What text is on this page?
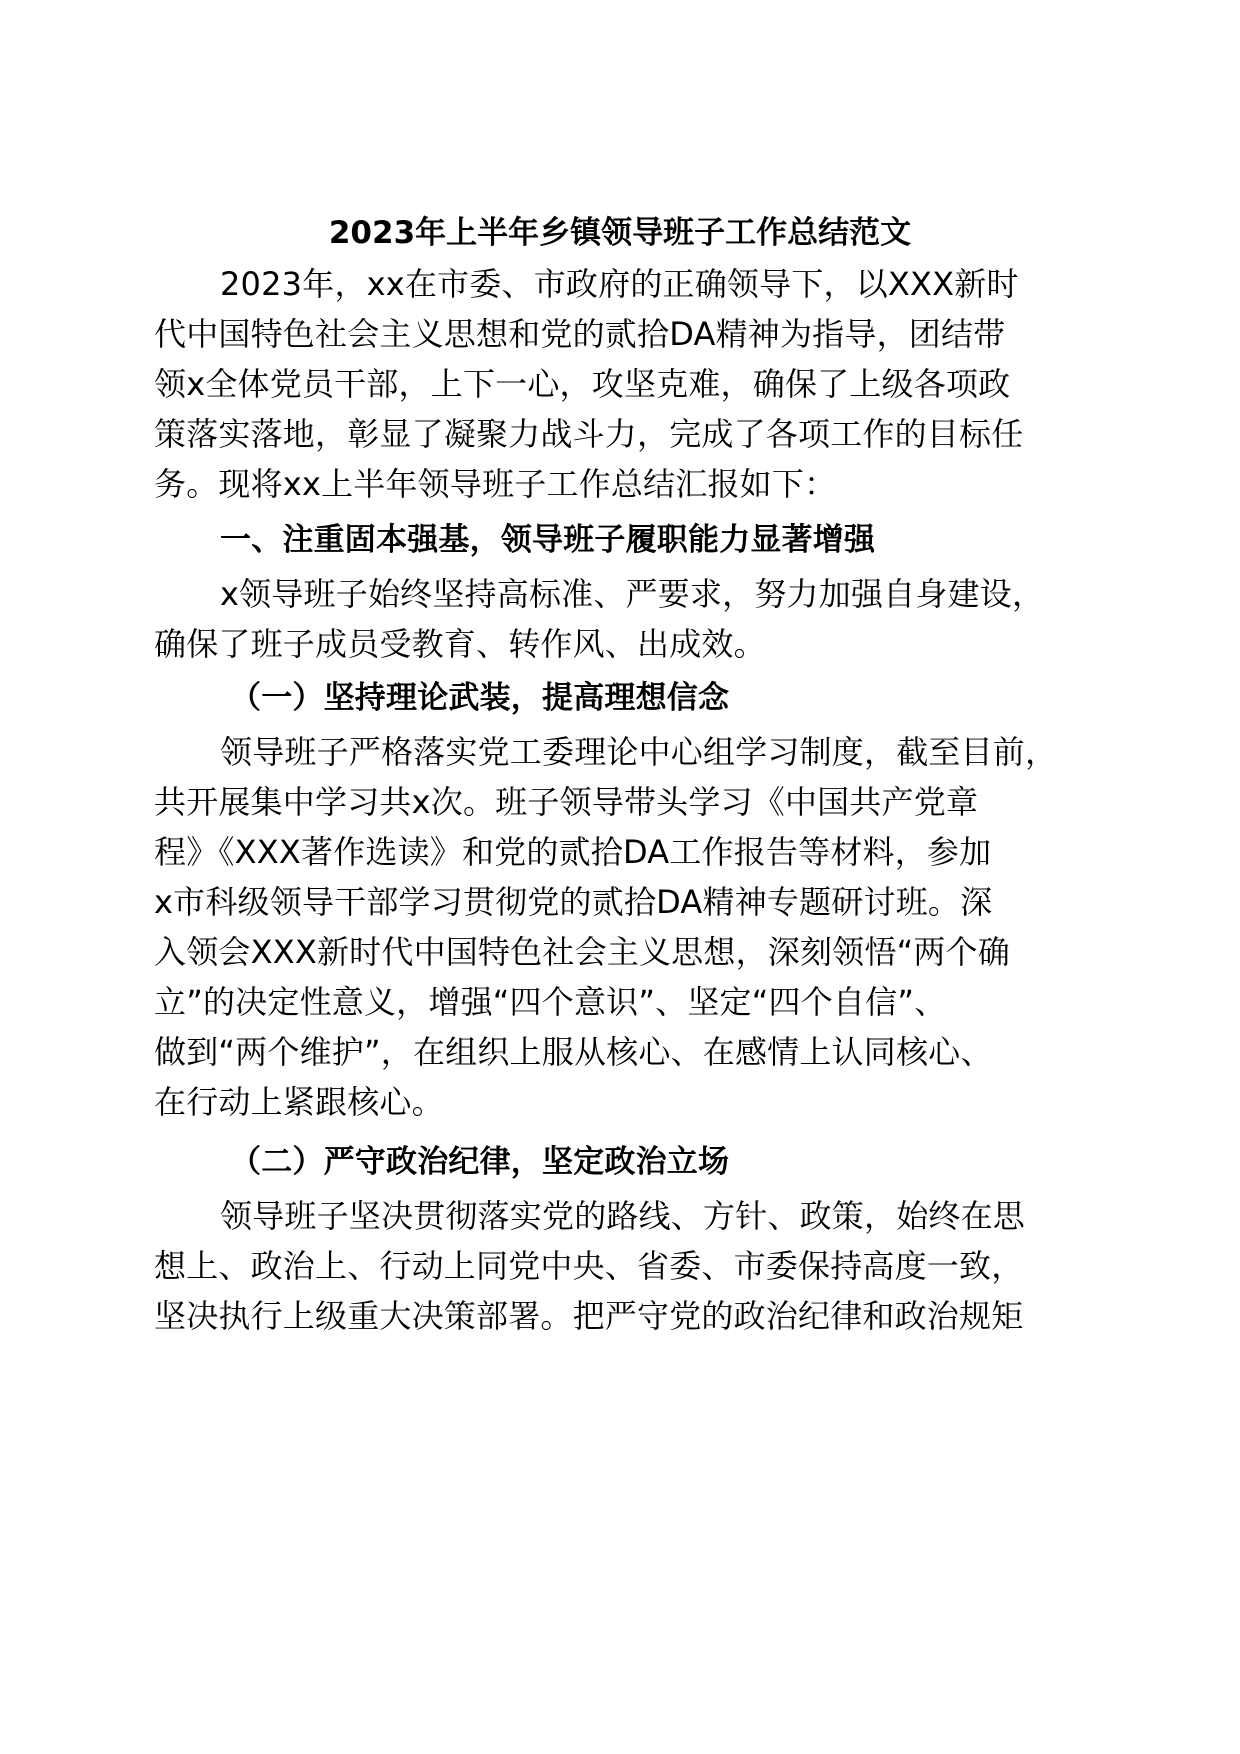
2023年上半年乡镇领导班子工作总结范文
2023年，xx在市委、市政府的正确领导下，以XXX新时
代中国特色社会主义思想和党的贰拾DA精神为指导，团结带
领x全体党员干部，上下一心，攻坚克难，确保了上级各项政
策落实落地，彰显了凝聚力战斗力，完成了各项工作的目标任
务。现将xx上半年领导班子工作总结汇报如下：
一、注重固本强基，领导班子履职能力显著增强
x领导班子始终坚持高标准、严要求，努力加强自身建设，
确保了班子成员受教育、转作风、出成效。
（一）坚持理论武装，提高理想信念
领导班子严格落实党工委理论中心组学习制度，截至目前，
共开展集中学习共x次。班子领导带头学习《中国共产党章
程》《XXX著作选读》和党的贰拾DA工作报告等材料，参加
x市科级领导干部学习贯彻党的贰拾DA精神专题研讨班。深
入领会XXX新时代中国特色社会主义思想，深刻领悟“两个确
立”的决定性意义，增强“四个意识”、坚定“四个自信”、
做到“两个维护”，在组织上服从核心、在感情上认同核心、
在行动上紧跟核心。
（二）严守政治纪律，坚定政治立场
领导班子坚决贯彻落实党的路线、方针、政策，始终在思
想上、政治上、行动上同党中央、省委、市委保持高度一致，
坚决执行上级重大决策部署。把严守党的政治纪律和政治规矩
